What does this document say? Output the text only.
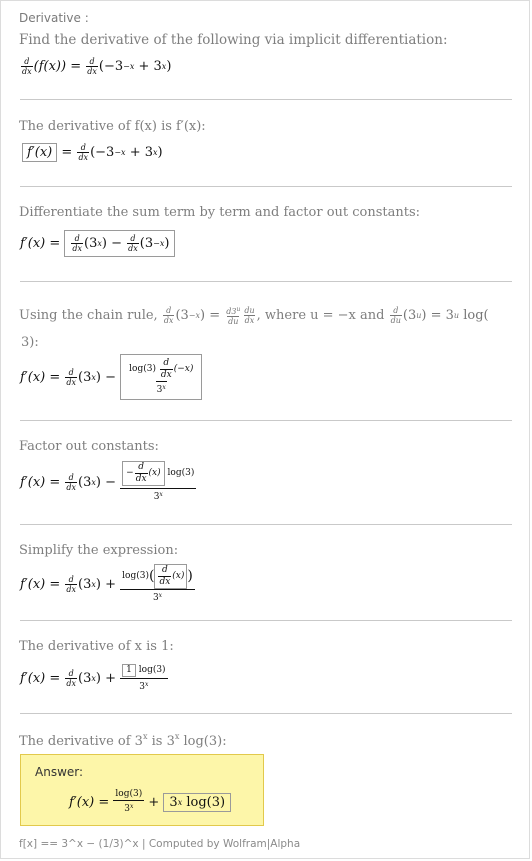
Derivative :
Find the derivative of the following via implicit differentiation:
$\frac{d}{dx} (f(x))$ =
$\frac{d}{dx} (-3 -x$
+ 3 x )
The derivative of f(x) is f′(x):
f′(x)
=
$\frac{d}{dx} (-3 -x$
+ 3 x )
Differentiate the sum term by term and factor out constants:
f′(x) =
$\frac{d}{dx} (3$ x ) −
$\frac{d}{dx} (3 -x$ )
Using the chain rule,
$\frac{d}{dx} (3 -x$ ) =
$\frac{d3^u}{du} \frac{du}{dx}$ , where u = −x and
$\frac{d}{du} (3$ u ) = 3 u
log(
3):
f′(x) =
$\frac{d}{dx} (3$ x ) −
log(3)
$\frac{d}{dx} (-x)$
3$^x$
Factor out constants:
f′(x) =
$\frac{d}{dx} (3$ x ) −
− $\frac{d}{dx} (x)$
log(3)
3$^x$
Simplify the expression:
f′(x) =
$\frac{d}{dx} (3$ x ) +
$\frac{\log(3) ( \frac{d}{dx} (x) )}{3^x}$
The derivative of x is 1:
f′(x) =
$\frac{d}{dx} (3$ x ) +
1
log(3)
3$^x$
The derivative of 3$^x$ is 3$^x$ log(3):
Answer:
f′(x) =
$\frac{\log(3)}{3^x}$
+
3 x
log(3)
f[x] == 3^x − (1/3)^x | Computed by Wolfram|Alpha
